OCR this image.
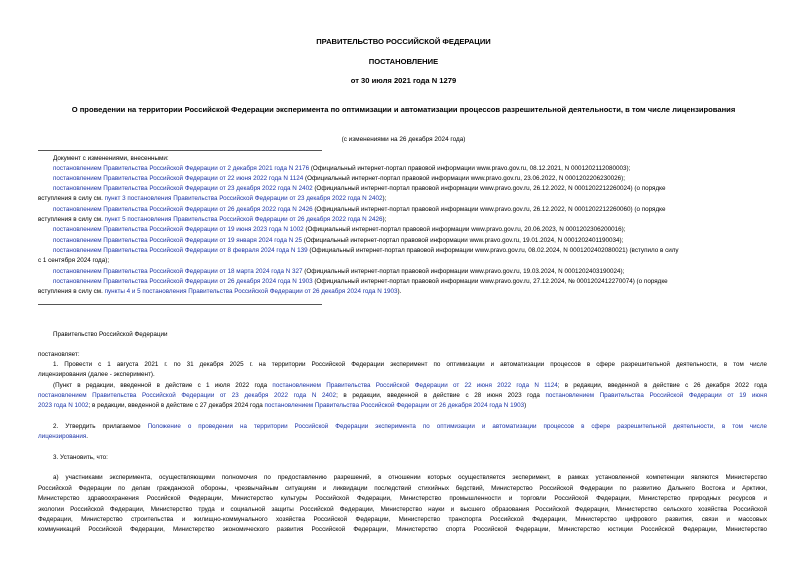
ПРАВИТЕЛЬСТВО РОССИЙСКОЙ ФЕДЕРАЦИИ
ПОСТАНОВЛЕНИЕ
от 30 июля 2021 года N 1279
О проведении на территории Российской Федерации эксперимента по оптимизации и автоматизации процессов разрешительной деятельности, в том числе лицензирования
(с изменениями на 26 декабря 2024 года)
Документ с изменениями, внесенными:
постановлением Правительства Российской Федерации от 2 декабря 2021 года N 2176 (Официальный интернет-портал правовой информации www.pravo.gov.ru, 08.12.2021, N 0001202112080003);
постановлением Правительства Российской Федерации от 22 июня 2022 года N 1124 (Официальный интернет-портал правовой информации www.pravo.gov.ru, 23.06.2022, N 0001202206230026);
постановлением Правительства Российской Федерации от 23 декабря 2022 года N 2402 (Официальный интернет-портал правовой информации www.pravo.gov.ru, 26.12.2022, N 0001202212260024) (о порядке
вступления в силу см. пункт 3 постановления Правительства Российской Федерации от 23 декабря 2022 года N 2402);
постановлением Правительства Российской Федерации от 26 декабря 2022 года N 2426 (Официальный интернет-портал правовой информации www.pravo.gov.ru, 26.12.2022, N 0001202212260060) (о порядке
вступления в силу см. пункт 5 постановления Правительства Российской Федерации от 26 декабря 2022 года N 2426);
постановлением Правительства Российской Федерации от 19 июня 2023 года N 1002 (Официальный интернет-портал правовой информации www.pravo.gov.ru, 20.06.2023, N 0001202306200016);
постановлением Правительства Российской Федерации от 19 января 2024 года N 25 (Официальный интернет-портал правовой информации www.pravo.gov.ru, 19.01.2024, N 0001202401190034);
постановлением Правительства Российской Федерации от 8 февраля 2024 года N 139 (Официальный интернет-портал правовой информации www.pravo.gov.ru, 08.02.2024, N 0001202402080021) (вступило в силу
с 1 сентября 2024 года);
постановлением Правительства Российской Федерации от 18 марта 2024 года N 327 (Официальный интернет-портал правовой информации www.pravo.gov.ru, 19.03.2024, N 0001202403190024);
постановлением Правительства Российской Федерации от 26 декабря 2024 года N 1903 (Официальный интернет-портал правовой информации www.pravo.gov.ru, 27.12.2024, № 0001202412270074) (о порядке
вступления в силу см. пункты 4 и 5 постановления Правительства Российской Федерации от 26 декабря 2024 года N 1903).
Правительство Российской Федерации
постановляет:
1. Провести с 1 августа 2021 г. по 31 декабря 2025 г. на территории Российской Федерации эксперимент по оптимизации и автоматизации процессов в сфере разрешительной деятельности, в том числе
лицензирования (далее - эксперимент).
(Пункт в редакции, введенной в действие с 1 июля 2022 года постановлением Правительства Российской Федерации от 22 июня 2022 года N 1124; в редакции, введенной в действие с 26 декабря 2022 года
постановлением Правительства Российской Федерации от 23 декабря 2022 года N 2402; в редакции, введенной в действие с 28 июня 2023 года постановлением Правительства Российской Федерации от 19 июня
2023 года N 1002; в редакции, введенной в действие с 27 декабря 2024 года постановлением Правительства Российской Федерации от 26 декабря 2024 года N 1903)
2. Утвердить прилагаемое Положение о проведении на территории Российской Федерации эксперимента по оптимизации и автоматизации процессов в сфере разрешительной деятельности, в том числе
лицензирования.
3. Установить, что:
а) участниками эксперимента, осуществляющими полномочия по предоставлению разрешений, в отношении которых осуществляется эксперимент, в рамках установленной компетенции являются Министерство
Российской Федерации по делам гражданской обороны, чрезвычайным ситуациям и ликвидации последствий стихийных бедствий, Министерство Российской Федерации по развитию Дальнего Востока и Арктики,
Министерство здравоохранения Российской Федерации, Министерство культуры Российской Федерации, Министерство промышленности и торговли Российской Федерации, Министерство природных ресурсов и
экологии Российской Федерации, Министерство труда и социальной защиты Российской Федерации, Министерство науки и высшего образования Российской Федерации, Министерство сельского хозяйства Российской
Федерации, Министерство строительства и жилищно-коммунального хозяйства Российской Федерации, Министерство транспорта Российской Федерации, Министерство цифрового развития, связи и массовых
коммуникаций Российской Федерации, Министерство экономического развития Российской Федерации, Министерство спорта Российской Федерации, Министерство юстиции Российской Федерации, Министерство
